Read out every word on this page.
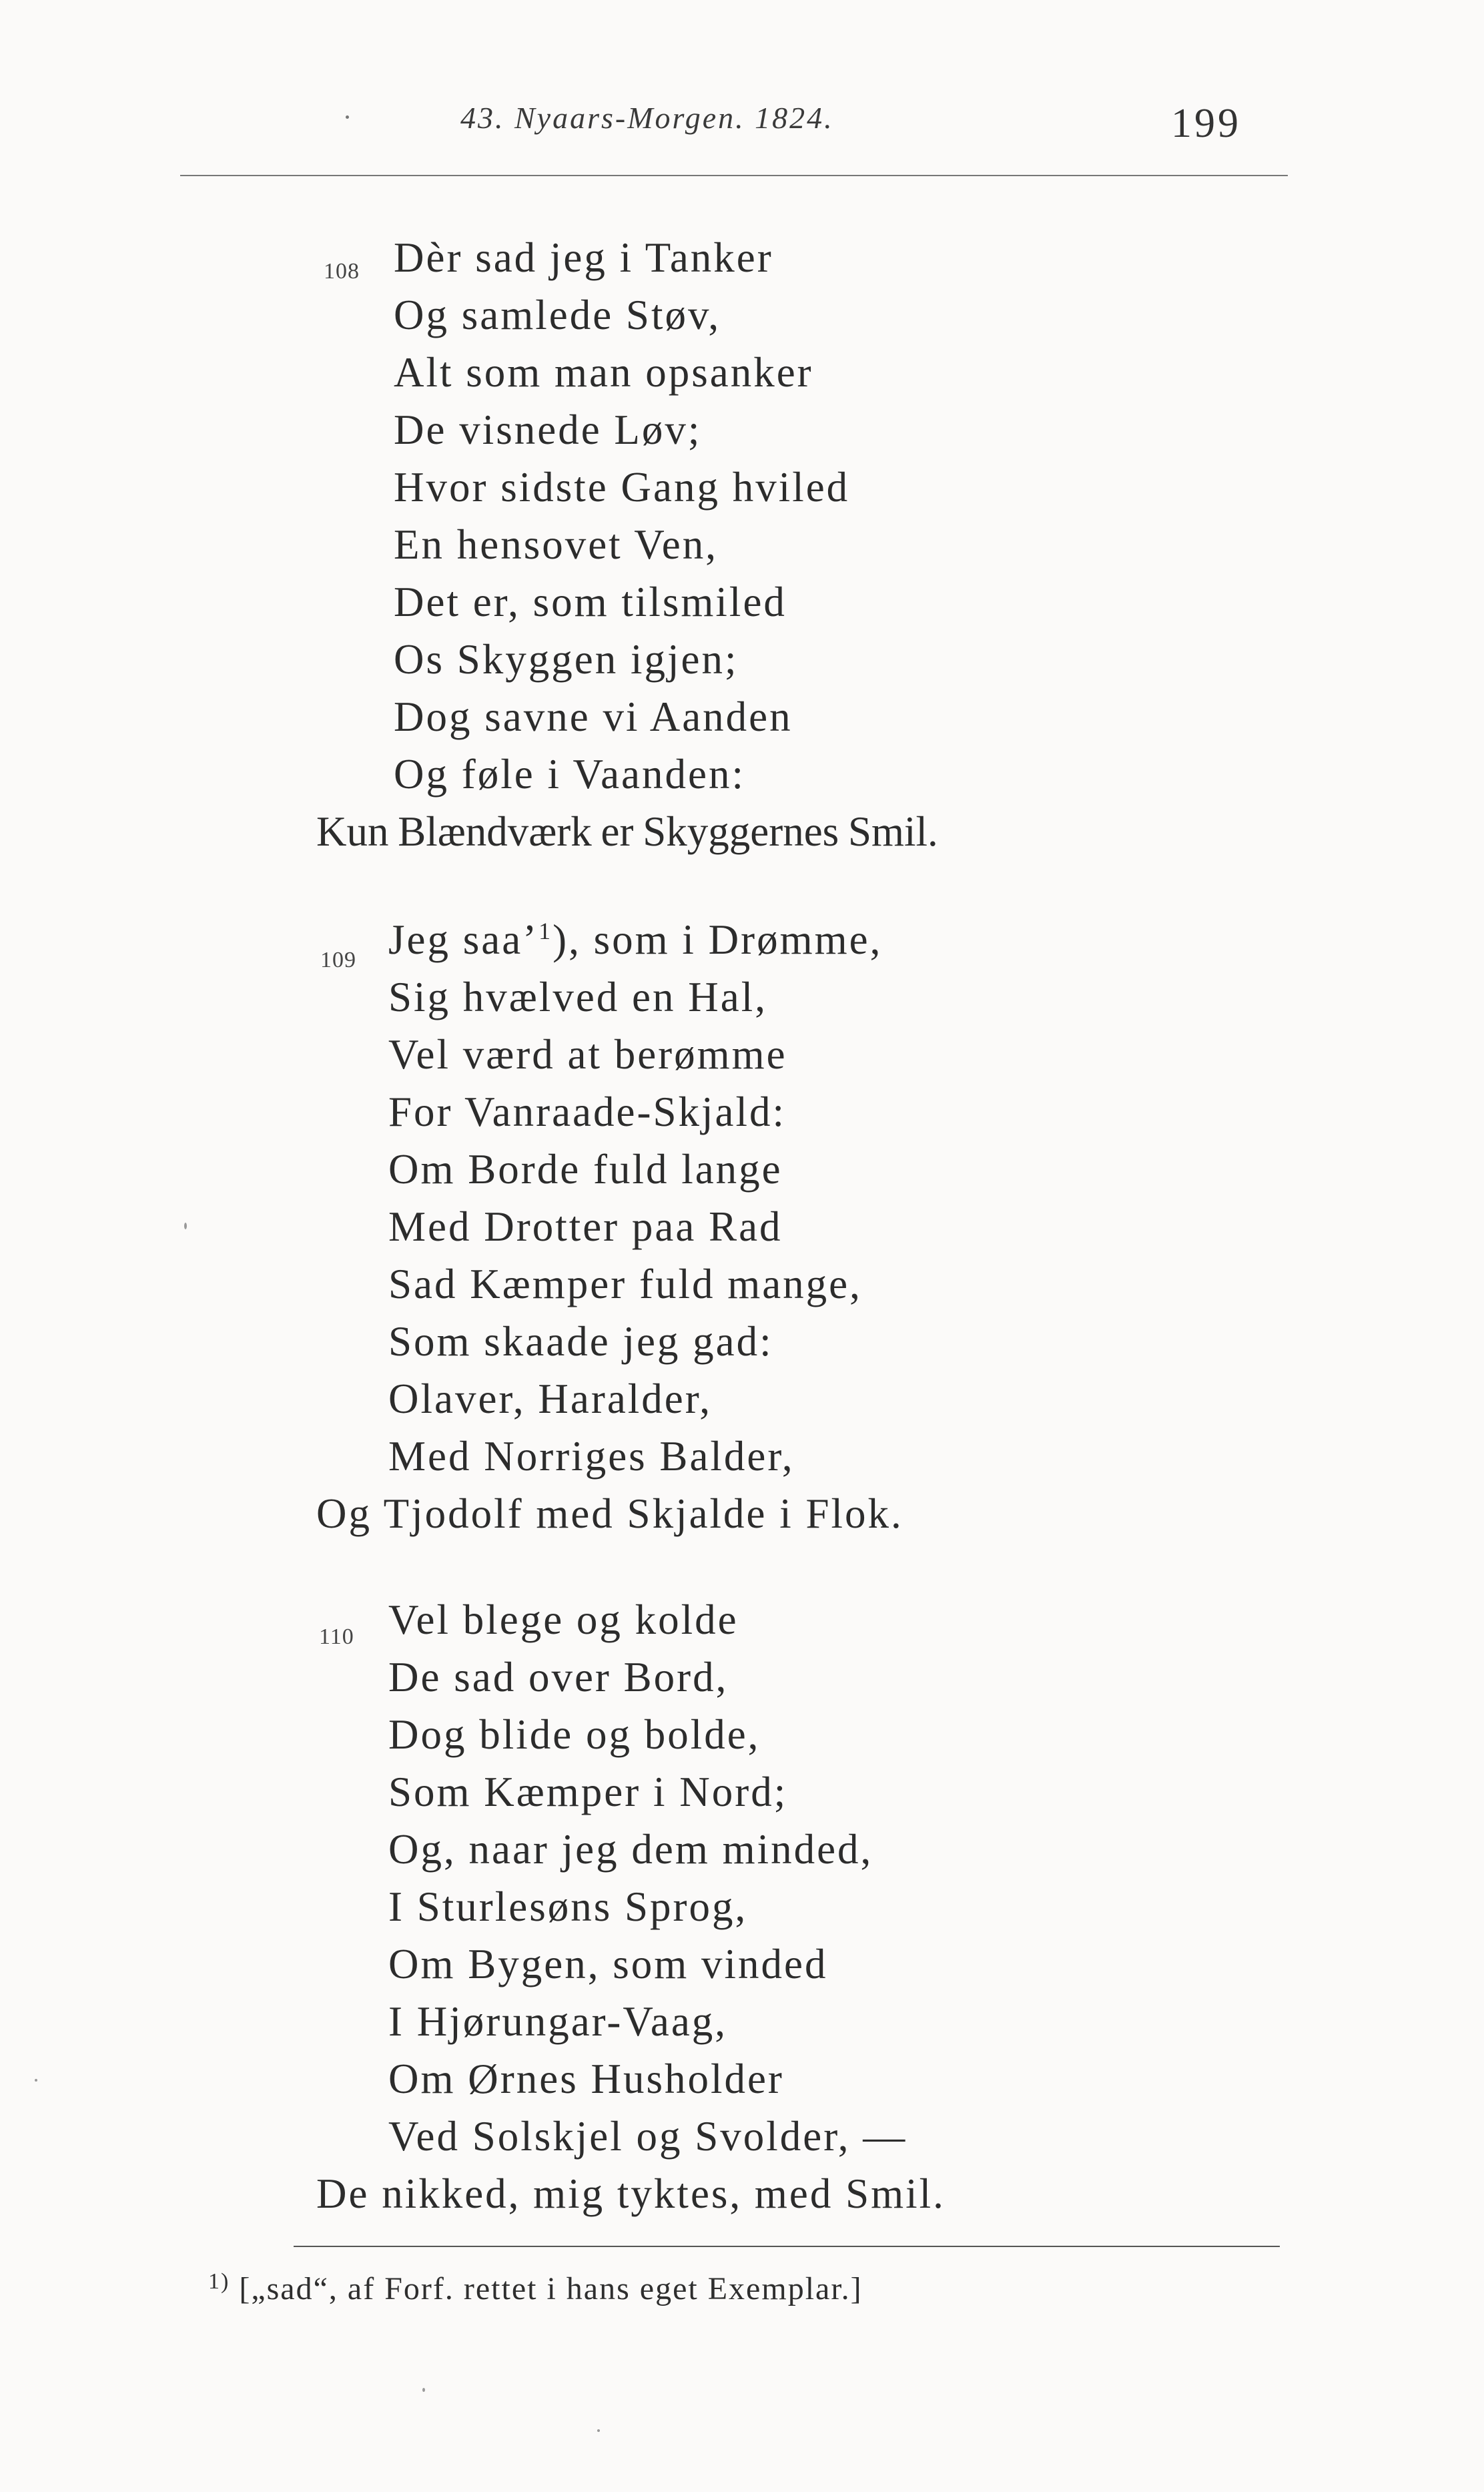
43. Nyaars-Morgen. 1824.	199
108 Dèr sad jeg i Tanker
Og samlede Støv,
Alt som man opsanker
De visnede Løv;
Hvor sidste Gang hviled
En hensovet Ven,
Det er, som tilsmiled
Os Skyggen igjen;
Dog savne vi Aanden
Og føle i Vaanden:
Kun Blændværk er Skyggernes Smil.
109 Jeg saa’$^1$), som i Drømme,
Sig hvælved en Hal,
Vel værd at berømme
For Vanraade-Skjald:
Om Borde fuld lange
Med Drotter paa Rad
Sad Kæmper fuld mange,
Som skaade jeg gad:
Olaver, Haralder,
Med Norriges Balder,
Og Tjodolf med Skjalde i Flok.
110 Vel blege og kolde
De sad over Bord,
Dog blide og bolde,
Som Kæmper i Nord;
Og, naar jeg dem minded,
I Sturlesøns Sprog,
Om Bygen, som vinded
I Hjørungar-Vaag,
Om Ørnes Husholder
Ved Solskjel og Svolder, —
De nikked, mig tyktes, med Smil.
$^{1)}$ [„sad“, af Forf. rettet i hans eget Exemplar.]
